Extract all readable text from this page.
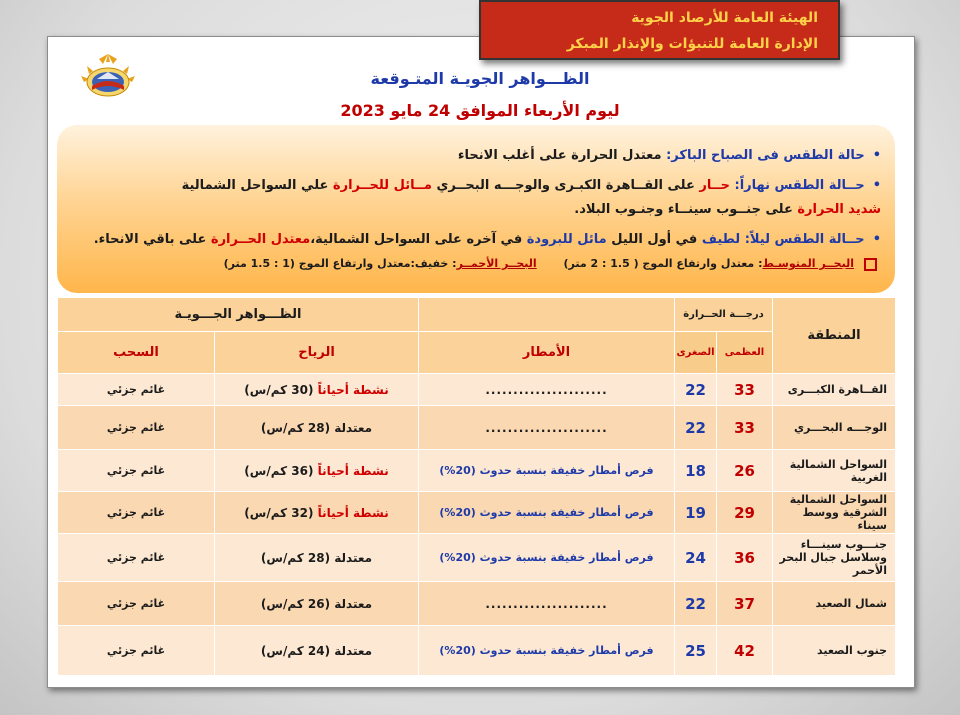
الهيئة العامة للأرصاد الجوية
الإدارة العامة للتنبؤات والإنذار المبكر
الظـــواهر الجويـة المتـوقعة
ليوم الأربعاء الموافق 24 مايو 2023
•حالة الطقس فى الصباح الباكر: معتدل الحرارة على أغلب الانحاء
•حــالة الطقس نهاراً: حــار على القــاهرة الكبـرى والوجـــه البحــري مــائل للحــرارة علي السواحل الشمالية
شديد الحرارة على جنــوب سينــاء وجنـوب البلاد.
•حــالة الطقس ليلاً: لطيف في أول الليل مائل للبرودة في آخره على السواحل الشمالية،معتدل الحــرارة على باقي الانحاء.
البحــر المتوسـط: معتدل وارتفاع الموج ( 1.5 : 2 متر)       البحــر الأحمــر: خفيف:معتدل وارتفاع الموج (1 : 1.5 متر)
المنطقة	درجـــة الحــرارة			الظـــواهر الجـــويـة	
	العظمى	الصغرى	الأمطار	الرياح	السحب
القــاهرة الكبـــرى	33	22	......................	نشطة أحياناً (30 كم/س)	غائم جزئي
الوجـــه البحـــري	33	22	......................	معتدلة (28 كم/س)	غائم جزئي
السواحل الشمالية الغربية	26	18	فرص أمطار خفيفة بنسبة حدوث (20%)	نشطة أحياناً (36 كم/س)	غائم جزئي
السواحل الشمالية الشرقية ووسط سيناء	29	19	فرص أمطار خفيفة بنسبة حدوث (20%)	نشطة أحياناً (32 كم/س)	غائم جزئي
جنـــوب سينـــاء وسلاسل جبال البحر الأحمر	36	24	فرص أمطار خفيفة بنسبة حدوث (20%)	معتدلة (28 كم/س)	غائم جزئي
شمال الصعيد	37	22	......................	معتدلة (26 كم/س)	غائم جزئي
جنوب الصعيد	42	25	فرص أمطار خفيفة بنسبة حدوث (20%)	معتدلة (24 كم/س)	غائم جزئي
